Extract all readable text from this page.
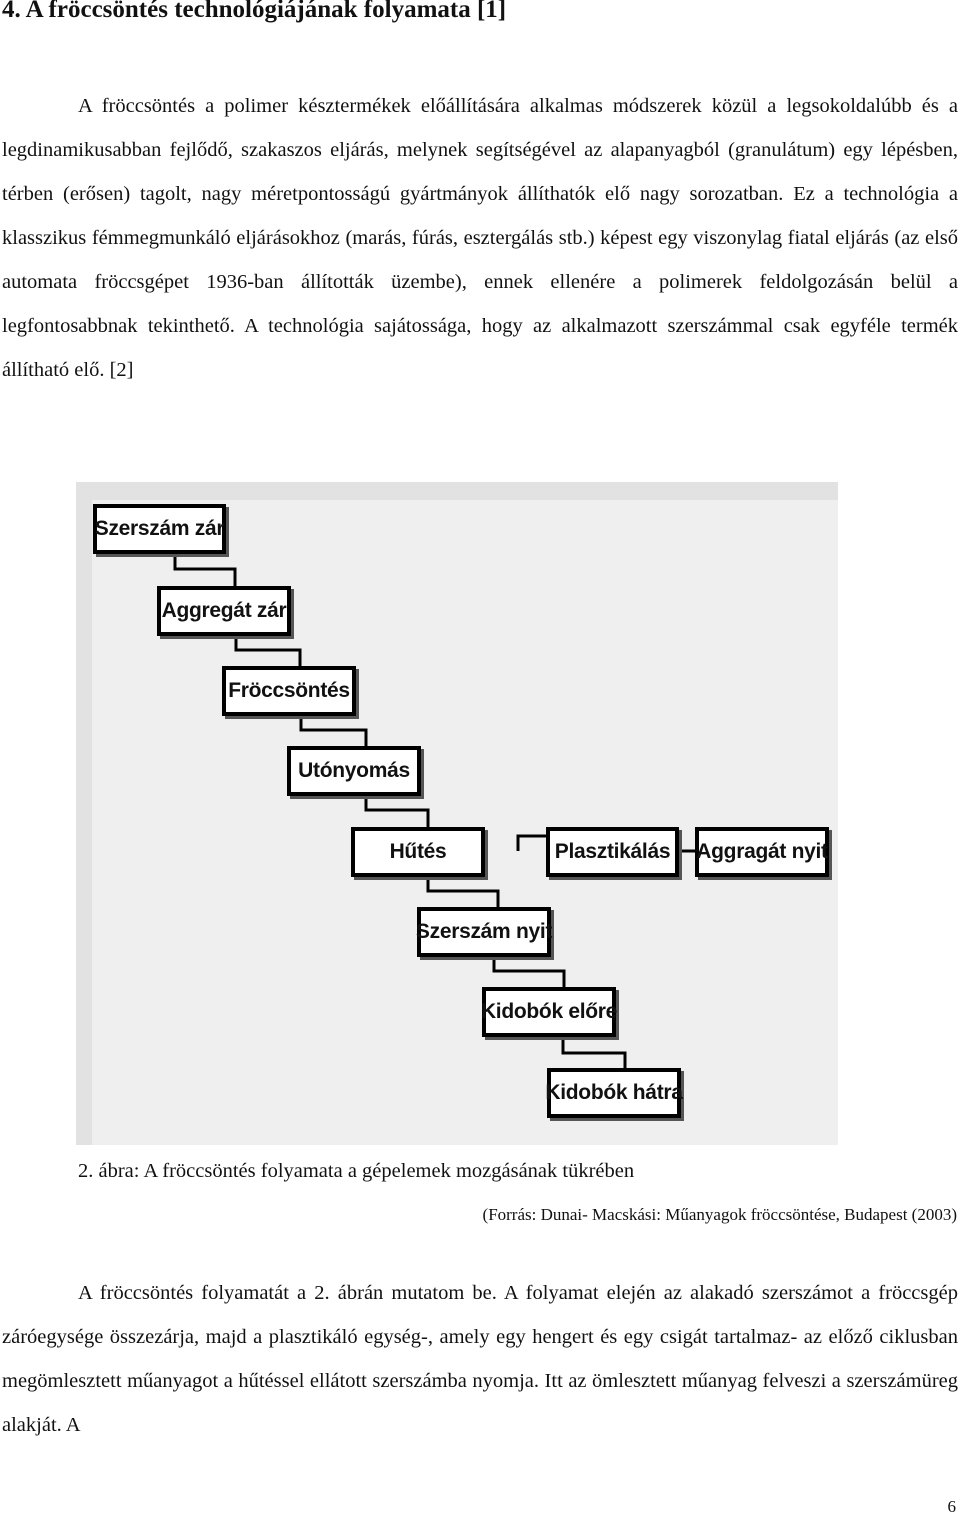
4. A fröccsöntés technológiájának folyamata [1]

A fröccsöntés a polimer késztermékek előállítására alkalmas módszerek közül a legsokoldalúbb és a legdinamikusabban fejlődő, szakaszos eljárás, melynek segítségével az alapanyagból (granulátum) egy lépésben, térben (erősen) tagolt, nagy méretpontosságú gyártmányok állíthatók elő nagy sorozatban. Ez a technológia a klasszikus fémmegmunkáló eljárásokhoz (marás, fúrás, esztergálás stb.) képest egy viszonylag fiatal eljárás (az első automata fröccsgépet 1936-ban állították üzembe), ennek ellenére a polimerek feldolgozásán belül a legfontosabbnak tekinthető. A technológia sajátossága, hogy az alkalmazott szerszámmal csak egyféle termék állítható elő. [2]

Szerszám zár
Aggregát zár
Fröccsöntés
Utónyomás
Hűtés	Plasztikálás	Aggragát nyit
Szerszám nyit
Kidobók előre
Kidobók hátra

2. ábra: A fröccsöntés folyamata a gépelemek mozgásának tükrében

(Forrás: Dunai- Macskási: Műanyagok fröccsöntése, Budapest (2003)

A fröccsöntés folyamatát a 2. ábrán mutatom be. A folyamat elején az alakadó szerszámot a fröccsgép záróegysége összezárja, majd a plasztikáló egység-, amely egy hengert és egy csigát tartalmaz- az előző ciklusban megömlesztett műanyagot a hűtéssel ellátott szerszámba nyomja. Itt az ömlesztett műanyag felveszi a szerszámüreg alakját. A

6
